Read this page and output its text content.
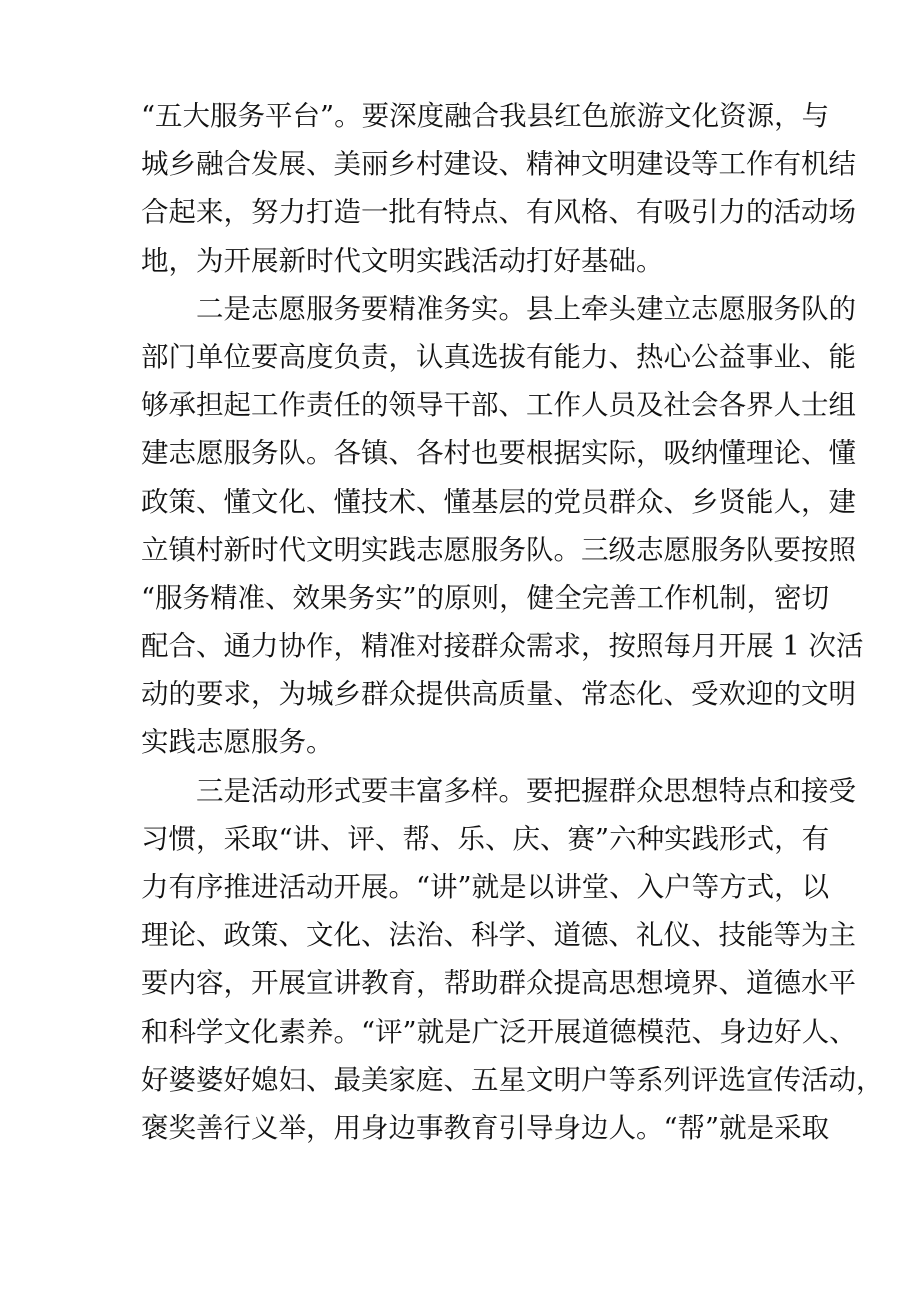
“五大服务平台”。要深度融合我县红色旅游文化资源，与
城乡融合发展、美丽乡村建设、精神文明建设等工作有机结
合起来，努力打造一批有特点、有风格、有吸引力的活动场
地，为开展新时代文明实践活动打好基础。
二是志愿服务要精准务实。县上牵头建立志愿服务队的
部门单位要高度负责，认真选拔有能力、热心公益事业、能
够承担起工作责任的领导干部、工作人员及社会各界人士组
建志愿服务队。各镇、各村也要根据实际，吸纳懂理论、懂
政策、懂文化、懂技术、懂基层的党员群众、乡贤能人，建
立镇村新时代文明实践志愿服务队。三级志愿服务队要按照
“服务精准、效果务实”的原则，健全完善工作机制，密切
配合、通力协作，精准对接群众需求，按照每月开展 1 次活
动的要求，为城乡群众提供高质量、常态化、受欢迎的文明
实践志愿服务。
三是活动形式要丰富多样。要把握群众思想特点和接受
习惯，采取“讲、评、帮、乐、庆、赛”六种实践形式，有
力有序推进活动开展。“讲”就是以讲堂、入户等方式，以
理论、政策、文化、法治、科学、道德、礼仪、技能等为主
要内容，开展宣讲教育，帮助群众提高思想境界、道德水平
和科学文化素养。“评”就是广泛开展道德模范、身边好人、
好婆婆好媳妇、最美家庭、五星文明户等系列评选宣传活动，
褒奖善行义举，用身边事教育引导身边人。“帮”就是采取
